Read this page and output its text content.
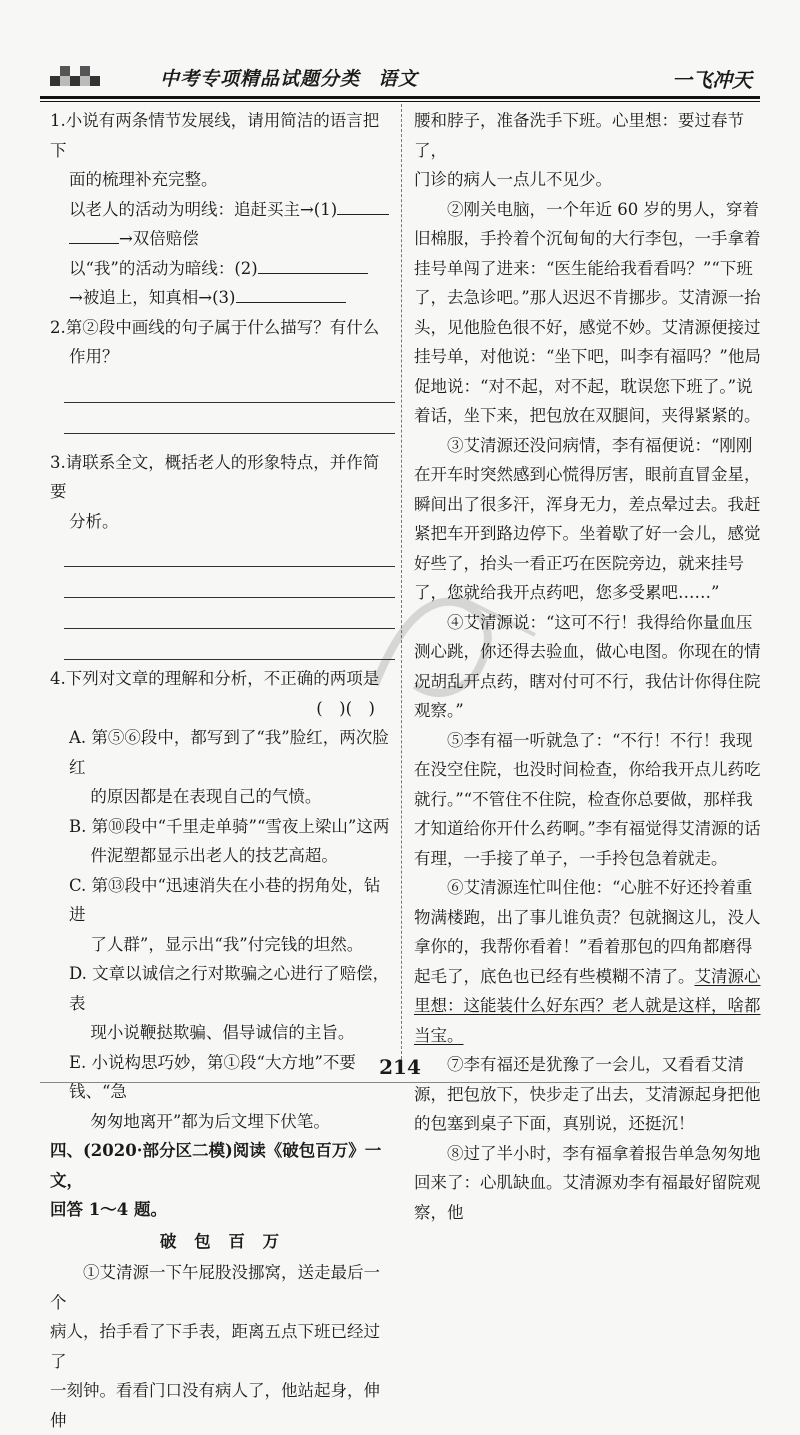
中考专项精品试题分类 语文	一飞冲天

1.小说有两条情节发展线，请用简洁的语言把下

面的梳理补充完整。

以老人的活动为明线：追赶买主→(1)

→双倍赔偿

以“我”的活动为暗线：(2)

→被追上，知真相→(3)

2.第②段中画线的句子属于什么描写？有什么

作用？

3.请联系全文，概括老人的形象特点，并作简要

分析。

4.下列对文章的理解和分析，不正确的两项是

(　)(　)

A. 第⑤⑥段中，都写到了“我”脸红，两次脸红
的原因都是在表现自己的气愤。

B. 第⑩段中“千里走单骑”“雪夜上梁山”这两
件泥塑都显示出老人的技艺高超。

C. 第⑬段中“迅速消失在小巷的拐角处，钻进
了人群”，显示出“我”付完钱的坦然。

D. 文章以诚信之行对欺骗之心进行了赔偿，表
现小说鞭挞欺骗、倡导诚信的主旨。

E. 小说构思巧妙，第①段“大方地”不要钱、“急
匆匆地离开”都为后文埋下伏笔。

四、(2020·部分区二模)阅读《破包百万》一文，

回答 1～4 题。

破 包 百 万

①艾清源一下午屁股没挪窝，送走最后一个

病人，抬手看了下手表，距离五点下班已经过了

一刻钟。看看门口没有病人了，他站起身，伸伸

腰和脖子，准备洗手下班。心里想：要过春节了，

门诊的病人一点儿不见少。

②刚关电脑，一个年近 60 岁的男人，穿着旧棉服，手拎着个沉甸甸的大行李包，一手拿着挂号单闯了进来：“医生能给我看看吗？”“下班了，去急诊吧。”那人迟迟不肯挪步。艾清源一抬头，见他脸色很不好，感觉不妙。艾清源便接过挂号单，对他说：“坐下吧，叫李有福吗？”他局促地说：“对不起，对不起，耽误您下班了。”说着话，坐下来，把包放在双腿间，夹得紧紧的。

③艾清源还没问病情，李有福便说：“刚刚在开车时突然感到心慌得厉害，眼前直冒金星，瞬间出了很多汗，浑身无力，差点晕过去。我赶紧把车开到路边停下。坐着歇了好一会儿，感觉好些了，抬头一看正巧在医院旁边，就来挂号了，您就给我开点药吧，您多受累吧……”

④艾清源说：“这可不行！我得给你量血压测心跳，你还得去验血，做心电图。你现在的情况胡乱开点药，瞎对付可不行，我估计你得住院观察。”

⑤李有福一听就急了：“不行！不行！我现在没空住院，也没时间检查，你给我开点儿药吃就行。”“不管住不住院，检查你总要做，那样我才知道给你开什么药啊。”李有福觉得艾清源的话有理，一手接了单子，一手拎包急着就走。

⑥艾清源连忙叫住他：“心脏不好还拎着重物满楼跑，出了事儿谁负责？包就搁这儿，没人拿你的，我帮你看着！”看着那包的四角都磨得起毛了，底色也已经有些模糊不清了。艾清源心里想：这能装什么好东西？老人就是这样，啥都当宝。

⑦李有福还是犹豫了一会儿，又看看艾清源，把包放下，快步走了出去，艾清源起身把他的包塞到桌子下面，真别说，还挺沉！

⑧过了半小时，李有福拿着报告单急匆匆地回来了：心肌缺血。艾清源劝李有福最好留院观察，他

214
